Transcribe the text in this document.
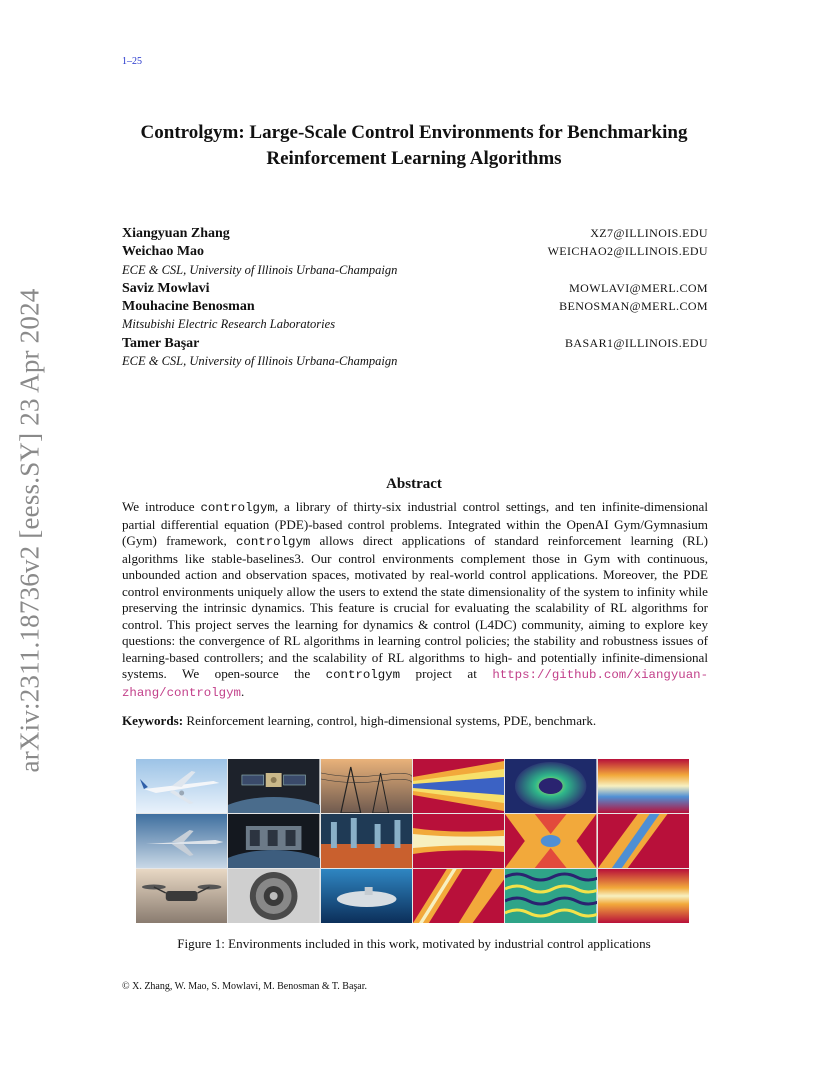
1–25
arXiv:2311.18736v2 [eess.SY] 23 Apr 2024
Controlgym: Large-Scale Control Environments for Benchmarking
Reinforcement Learning Algorithms
Xiangyuan Zhang	XZ7@ILLINOIS.EDU
Weichao Mao	WEICHAO2@ILLINOIS.EDU
ECE & CSL, University of Illinois Urbana-Champaign
Saviz Mowlavi	MOWLAVI@MERL.COM
Mouhacine Benosman	BENOSMAN@MERL.COM
Mitsubishi Electric Research Laboratories
Tamer Başar	BASAR1@ILLINOIS.EDU
ECE & CSL, University of Illinois Urbana-Champaign
Abstract
We introduce controlgym, a library of thirty-six industrial control settings, and ten infinite-dimensional partial differential equation (PDE)-based control problems. Integrated within the OpenAI Gym/Gymnasium (Gym) framework, controlgym allows direct applications of standard reinforcement learning (RL) algorithms like stable-baselines3. Our control environments complement those in Gym with continuous, unbounded action and observation spaces, motivated by real-world control applications. Moreover, the PDE control environments uniquely allow the users to extend the state dimensionality of the system to infinity while preserving the intrinsic dynamics. This feature is crucial for evaluating the scalability of RL algorithms for control. This project serves the learning for dynamics & control (L4DC) community, aiming to explore key questions: the convergence of RL algorithms in learning control policies; the stability and robustness issues of learning-based controllers; and the scalability of RL algorithms to high- and potentially infinite-dimensional systems. We open-source the controlgym project at https://github.com/xiangyuan-zhang/controlgym.
Keywords: Reinforcement learning, control, high-dimensional systems, PDE, benchmark.
Figure 1: Environments included in this work, motivated by industrial control applications
© X. Zhang, W. Mao, S. Mowlavi, M. Benosman & T. Başar.
